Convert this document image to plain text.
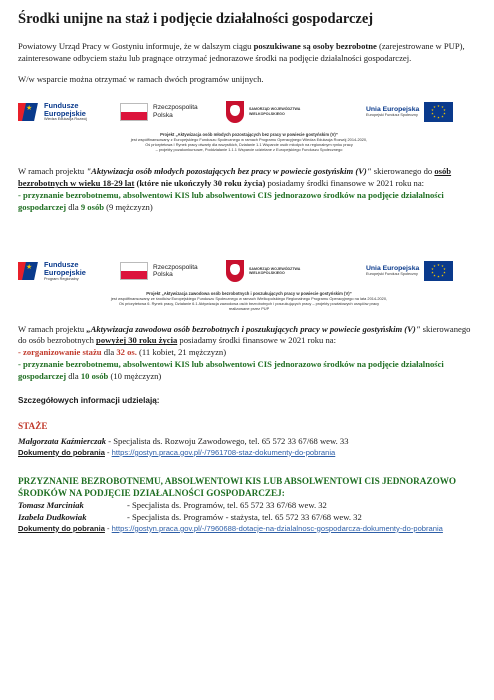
Środki unijne na staż i podjęcie działalności gospodarczej

Powiatowy Urząd Pracy w Gostyniu informuje, że w dalszym ciągu poszukiwane są osoby bezrobotne (zarejestrowane w PUP), zainteresowane odbyciem stażu lub pragnące otrzymać jednorazowe środki na podjęcie działalności gospodarczej.

W/w wsparcie można otrzymać w ramach dwóch programów unijnych.

★ Fundusze
Europejskie
Wiedza Edukacja Rozwój
Rzeczpospolita
Polska
SAMORZĄD WOJEWÓDZTWA
WIELKOPOLSKIEGO
Unia Europejska
Europejski Fundusz Społeczny
★ ★
★
★
★
★
★
★
★
★
Projekt „Aktywizacja osób młodych pozostających bez pracy w powiecie gostyńskim (V)”
jest współfinansowany z Europejskiego Funduszu Społecznego w ramach Programu Operacyjnego Wiedza Edukacja Rozwój 2014-2020,
Oś priorytetowa I Rynek pracy otwarty dla wszystkich, Działanie 1.1 Wsparcie osób młodych na regionalnym rynku pracy
– projekty pozakonkursowe, Poddziałanie 1.1.1 Wsparcie udzielane z Europejskiego Funduszu Społecznego

W ramach projektu "Aktywizacja osób młodych pozostających bez pracy w powiecie gostyńskim (V)" skierowanego do osób bezrobotnych w wieku 18-29 lat (które nie ukończyły 30 roku życia) posiadamy środki finansowe w 2021 roku na:

- przyznanie bezrobotnemu, absolwentowi KIS lub absolwentowi CIS jednorazowo środków na podjęcie działalności gospodarczej dla 9 osób (9 mężczyzn)

★ Fundusze
Europejskie
Program Regionalny
Rzeczpospolita
Polska
SAMORZĄD WOJEWÓDZTWA
WIELKOPOLSKIEGO
Unia Europejska
Europejski Fundusz Społeczny
★ ★
★
★
★
★
★
★
★
★
Projekt „Aktywizacja zawodowa osób bezrobotnych i poszukujących pracy w powiecie gostyńskim (V)”
jest współfinansowany ze środków Europejskiego Funduszu Społecznego w ramach Wielkopolskiego Regionalnego Programu Operacyjnego na lata 2014-2020,
Oś priorytetowa 6. Rynek pracy, Działanie 6.1 Aktywizacja zawodowa osób bezrobotnych i poszukujących pracy – projekty powiatowych urzędów pracy
realizowane przez PUP

W ramach projektu „Aktywizacja zawodowa osób bezrobotnych i poszukujących pracy w powiecie gostyńskim (V)" skierowanego do osób bezrobotnych powyżej 30 roku życia posiadamy środki finansowe w 2021 roku na:

- zorganizowanie stażu dla 32 os. (11 kobiet, 21 mężczyzn)

- przyznanie bezrobotnemu, absolwentowi KIS lub absolwentowi CIS jednorazowo środków na podjęcie działalności gospodarczej dla 10 osób (10 mężczyzn)

Szczegółowych informacji udzielają:

STAŻE

Małgorzata Kaźmierczak - Specjalista ds. Rozwoju Zawodowego, tel. 65 572 33 67/68 wew. 33

Dokumenty do pobrania - https://gostyn.praca.gov.pl/-/7961708-staz-dokumenty-do-pobrania

PRZYZNANIE BEZROBOTNEMU, ABSOLWENTOWI KIS LUB ABSOLWENTOWI CIS JEDNORAZOWO ŚRODKÓW NA PODJĘCIE DZIAŁALNOŚCI GOSPODARCZEJ:

Tomasz Marciniak	- Specjalista ds. Programów, tel. 65 572 33 67/68 wew. 32
Izabela Dudkowiak	- Specjalista ds. Programów - stażysta, tel. 65 572 33 67/68 wew. 32

Dokumenty do pobrania - https://gostyn.praca.gov.pl/-/7960688-dotacje-na-dzialalnosc-gospodarcza-dokumenty-do-pobrania
